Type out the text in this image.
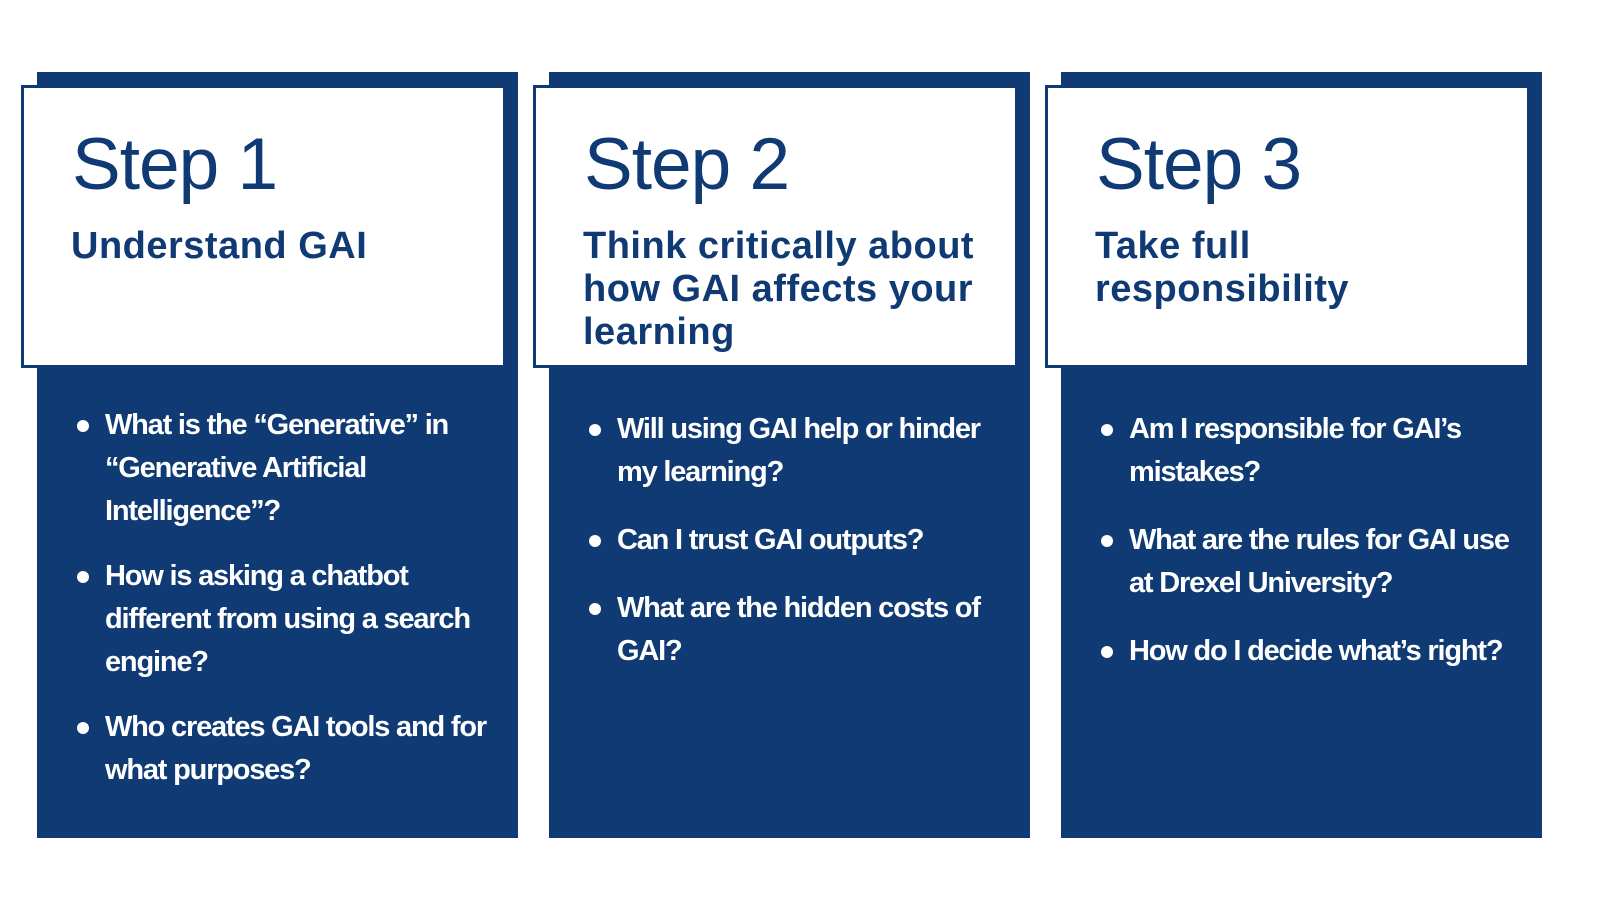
Step 1
Understand GAI
What is the “Generative” in “Generative Artificial Intelligence”?
How is asking a chatbot different from using a search engine?
Who creates GAI tools and for what purposes?
Step 2
Think critically about how GAI affects your learning
Will using GAI help or hinder my learning?
Can I trust GAI outputs?
What are the hidden costs of GAI?
Step 3
Take full responsibility
Am I responsible for GAI’s mistakes?
What are the rules for GAI use at Drexel University?
How do I decide what’s right?
